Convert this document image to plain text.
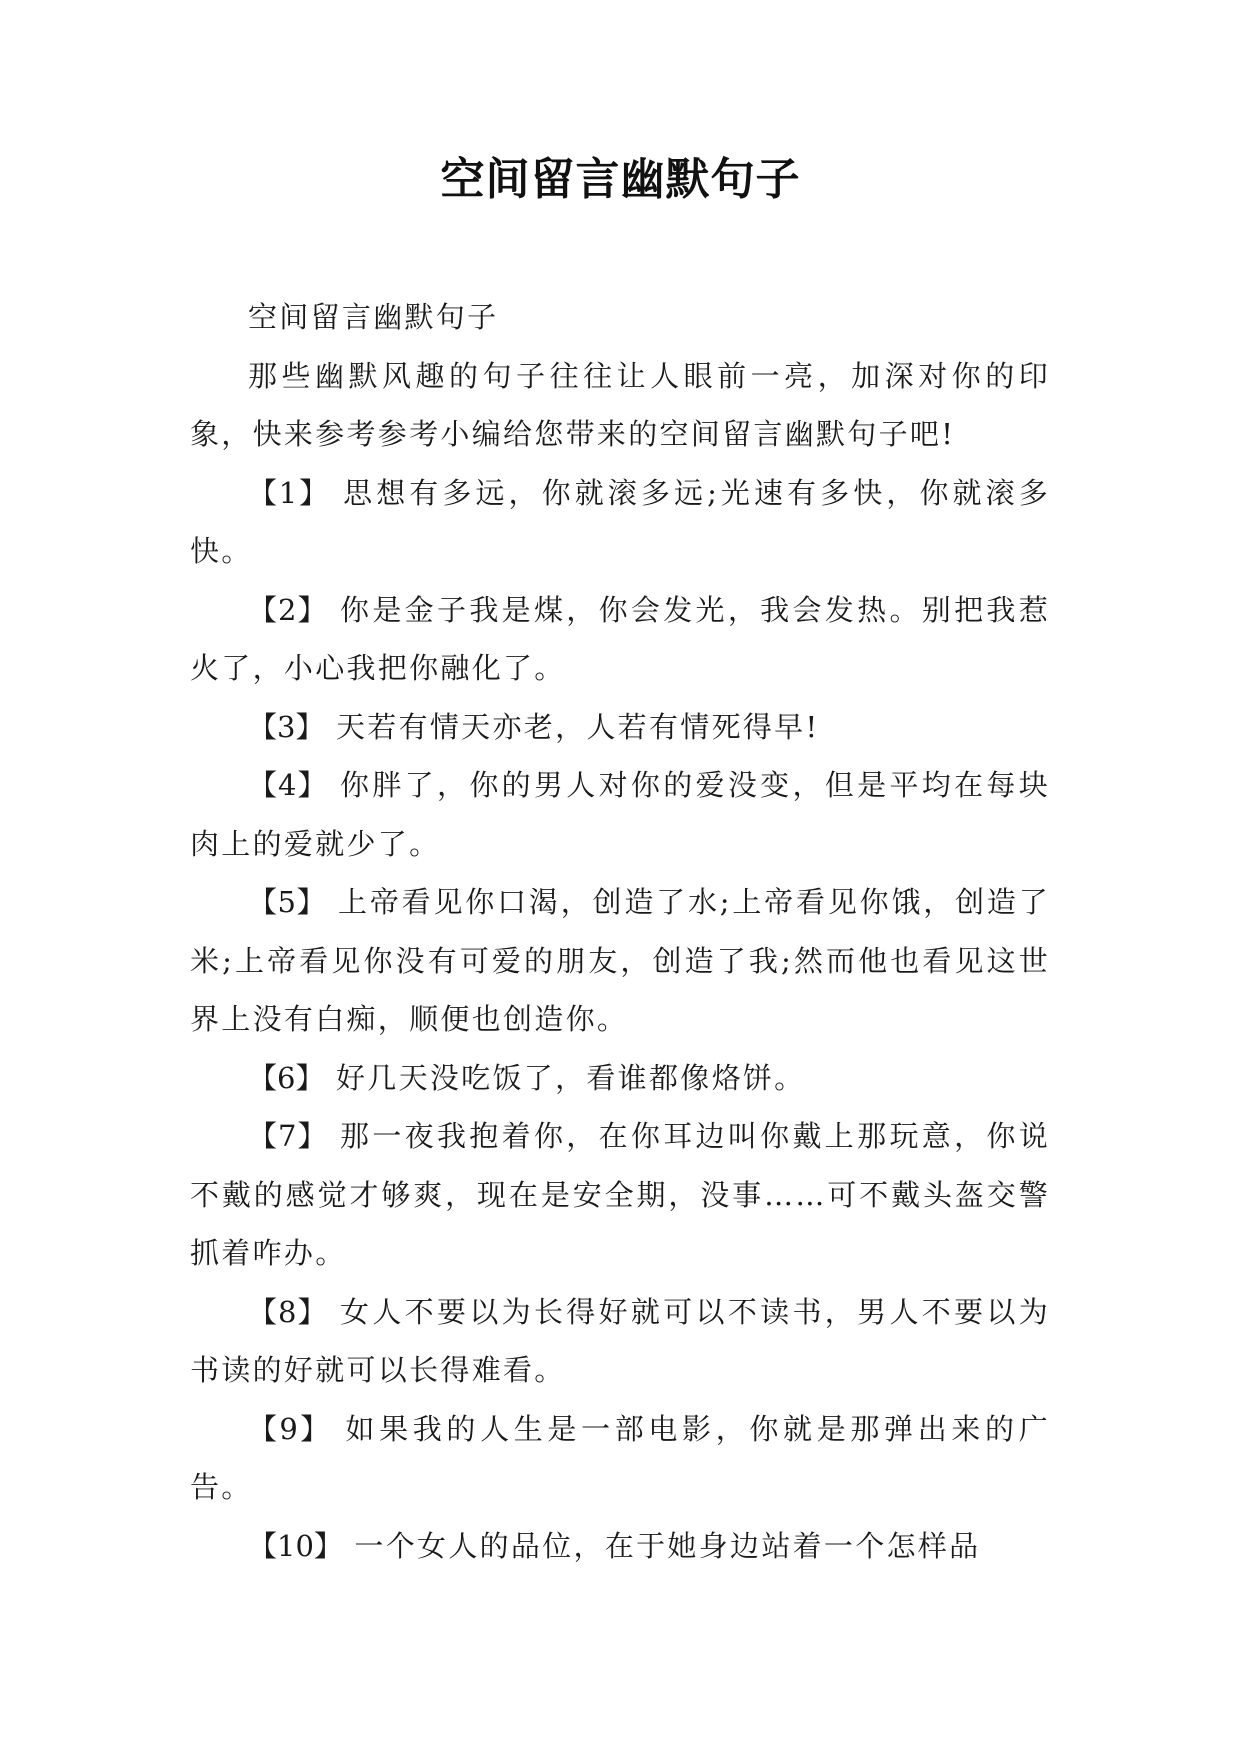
空间留言幽默句子

空间留言幽默句子

那些幽默风趣的句子往往让人眼前一亮，加深对你的印象，快来参考参考小编给您带来的空间留言幽默句子吧!

【1】 思想有多远，你就滚多远;光速有多快，你就滚多快。

【2】 你是金子我是煤，你会发光，我会发热。别把我惹火了，小心我把你融化了。

【3】 天若有情天亦老，人若有情死得早!

【4】 你胖了，你的男人对你的爱没变，但是平均在每块肉上的爱就少了。

【5】 上帝看见你口渴，创造了水;上帝看见你饿，创造了米;上帝看见你没有可爱的朋友，创造了我;然而他也看见这世界上没有白痴，顺便也创造你。

【6】 好几天没吃饭了，看谁都像烙饼。

【7】 那一夜我抱着你，在你耳边叫你戴上那玩意，你说不戴的感觉才够爽，现在是安全期，没事……可不戴头盔交警抓着咋办。

【8】 女人不要以为长得好就可以不读书，男人不要以为书读的好就可以长得难看。

【9】 如果我的人生是一部电影，你就是那弹出来的广告。

【10】 一个女人的品位，在于她身边站着一个怎样品
